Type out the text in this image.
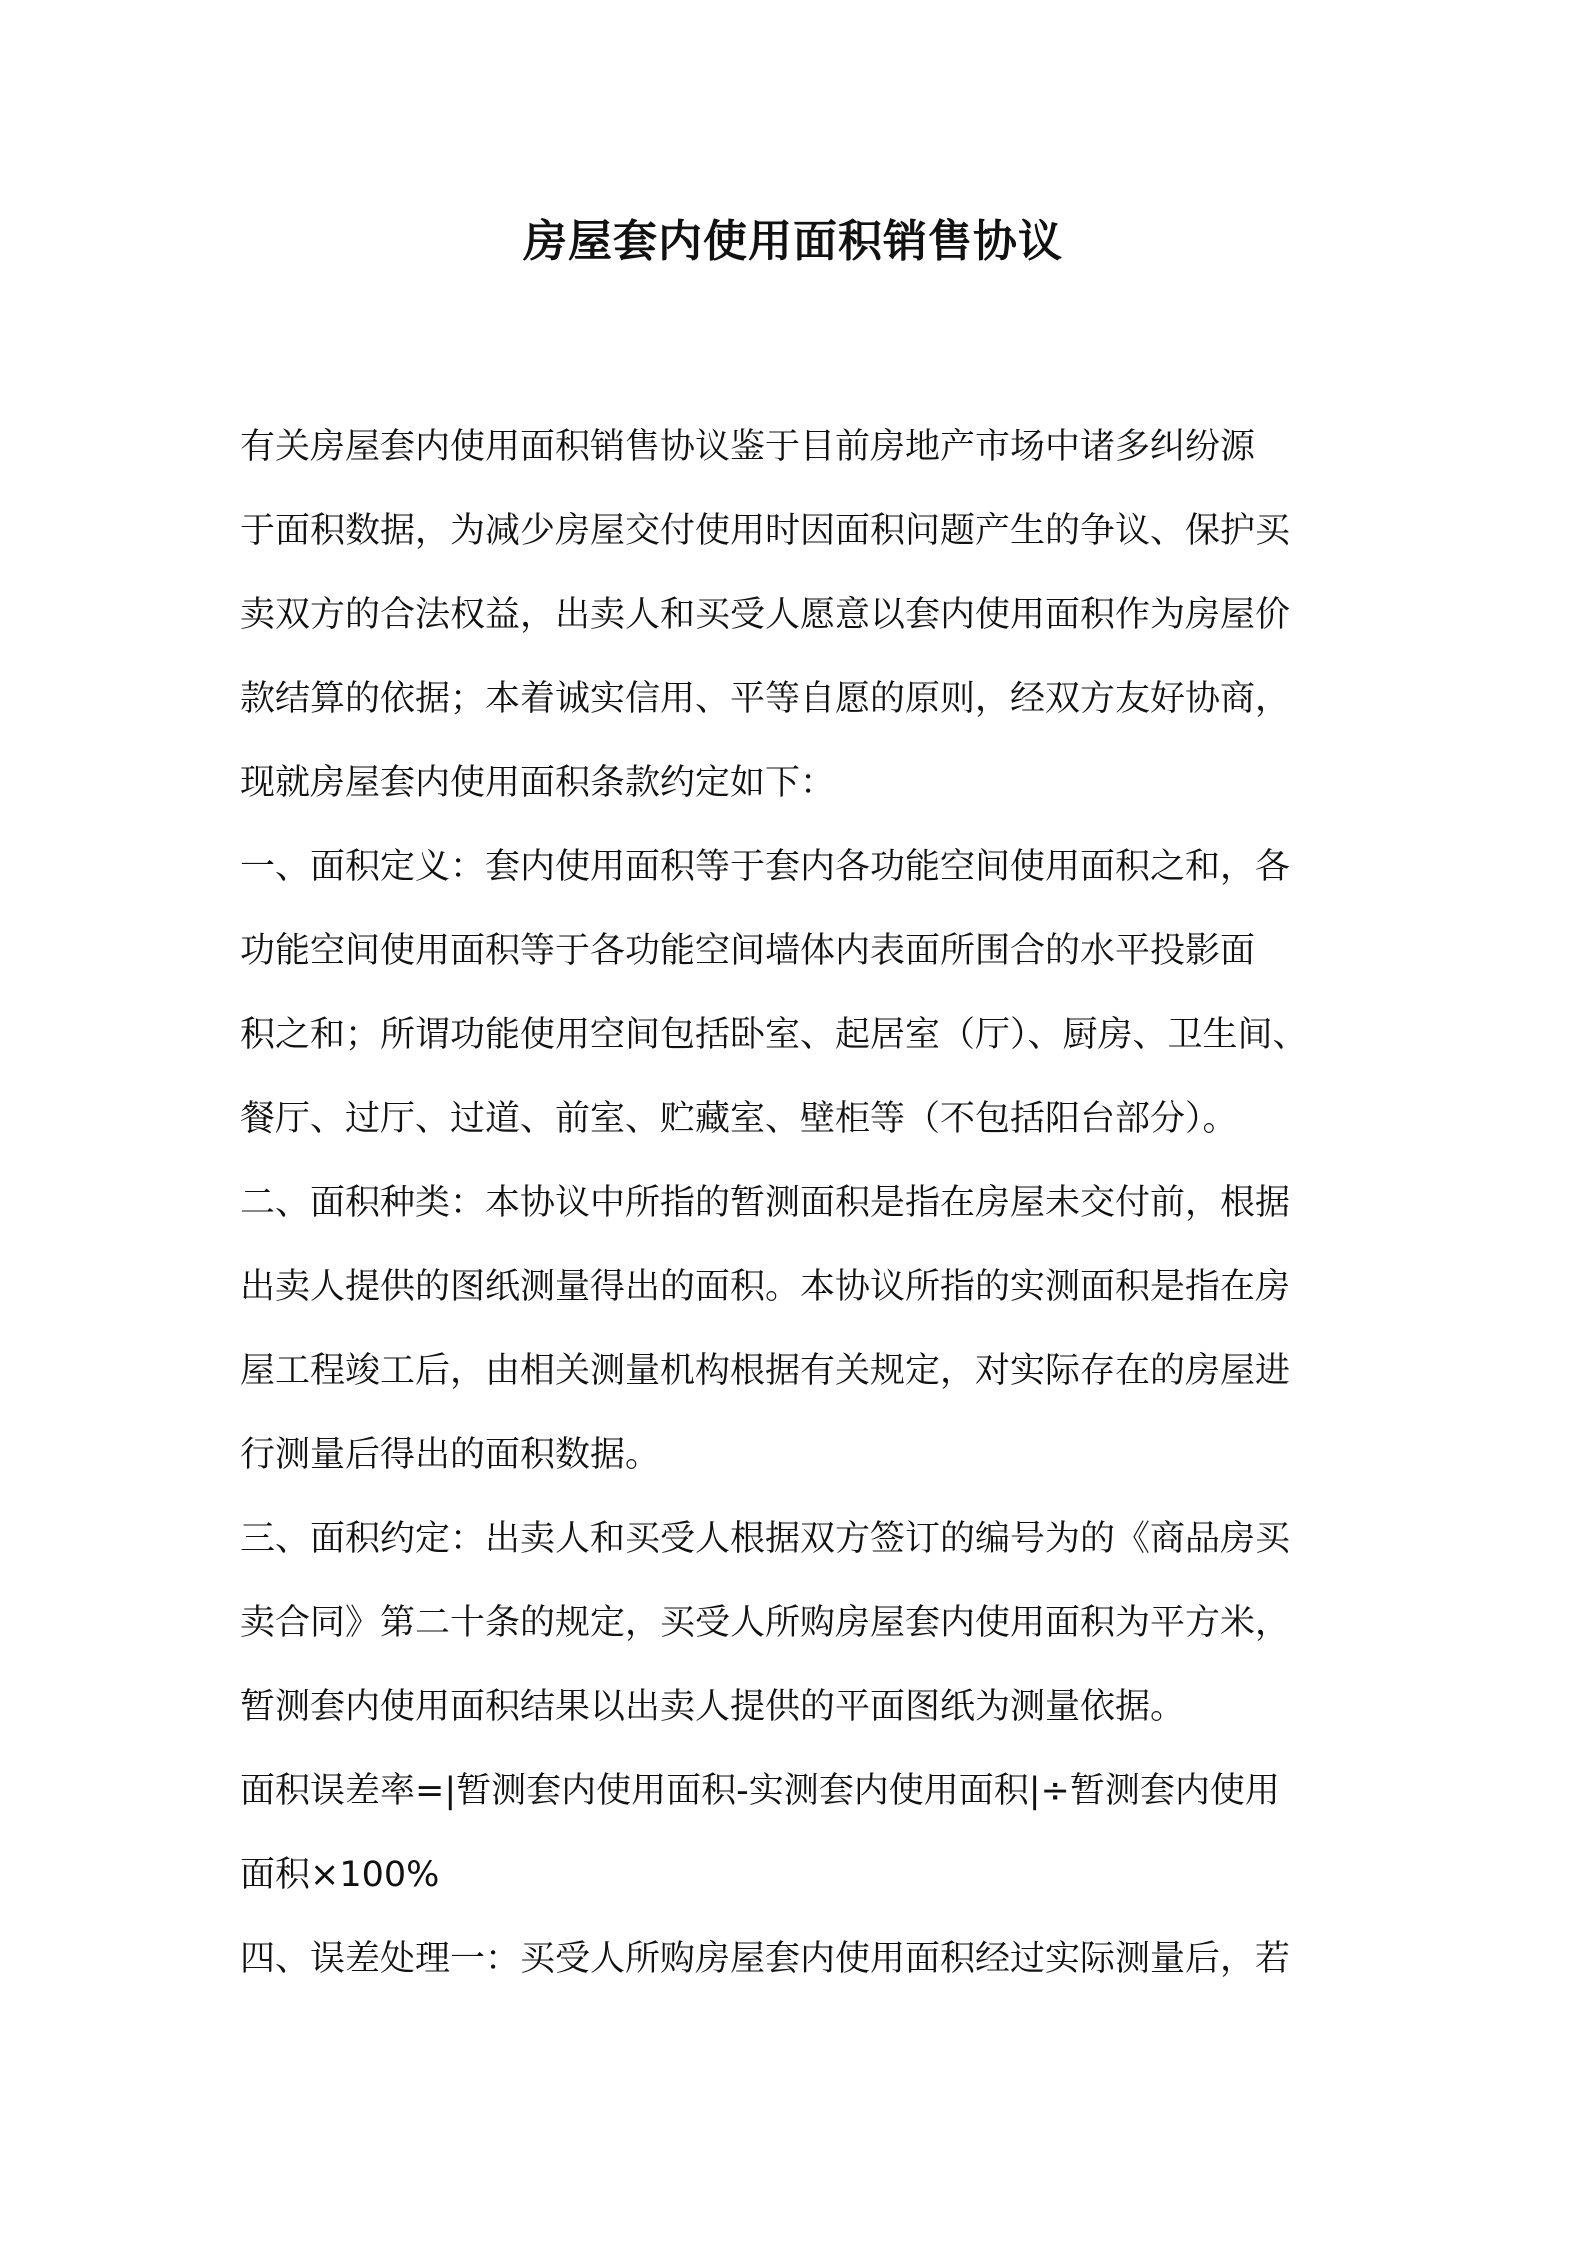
房屋套内使用面积销售协议
有关房屋套内使用面积销售协议鉴于目前房地产市场中诸多纠纷源
于面积数据，为减少房屋交付使用时因面积问题产生的争议、保护买
卖双方的合法权益，出卖人和买受人愿意以套内使用面积作为房屋价
款结算的依据；本着诚实信用、平等自愿的原则，经双方友好协商，
现就房屋套内使用面积条款约定如下：
一、面积定义：套内使用面积等于套内各功能空间使用面积之和，各
功能空间使用面积等于各功能空间墙体内表面所围合的水平投影面
积之和；所谓功能使用空间包括卧室、起居室（厅）、厨房、卫生间、
餐厅、过厅、过道、前室、贮藏室、壁柜等（不包括阳台部分）。
二、面积种类：本协议中所指的暂测面积是指在房屋未交付前，根据
出卖人提供的图纸测量得出的面积。本协议所指的实测面积是指在房
屋工程竣工后，由相关测量机构根据有关规定，对实际存在的房屋进
行测量后得出的面积数据。
三、面积约定：出卖人和买受人根据双方签订的编号为的《商品房买
卖合同》第二十条的规定，买受人所购房屋套内使用面积为平方米，
暂测套内使用面积结果以出卖人提供的平面图纸为测量依据。
面积误差率=|暂测套内使用面积-实测套内使用面积|÷暂测套内使用
面积×100%
四、误差处理一：买受人所购房屋套内使用面积经过实际测量后，若
